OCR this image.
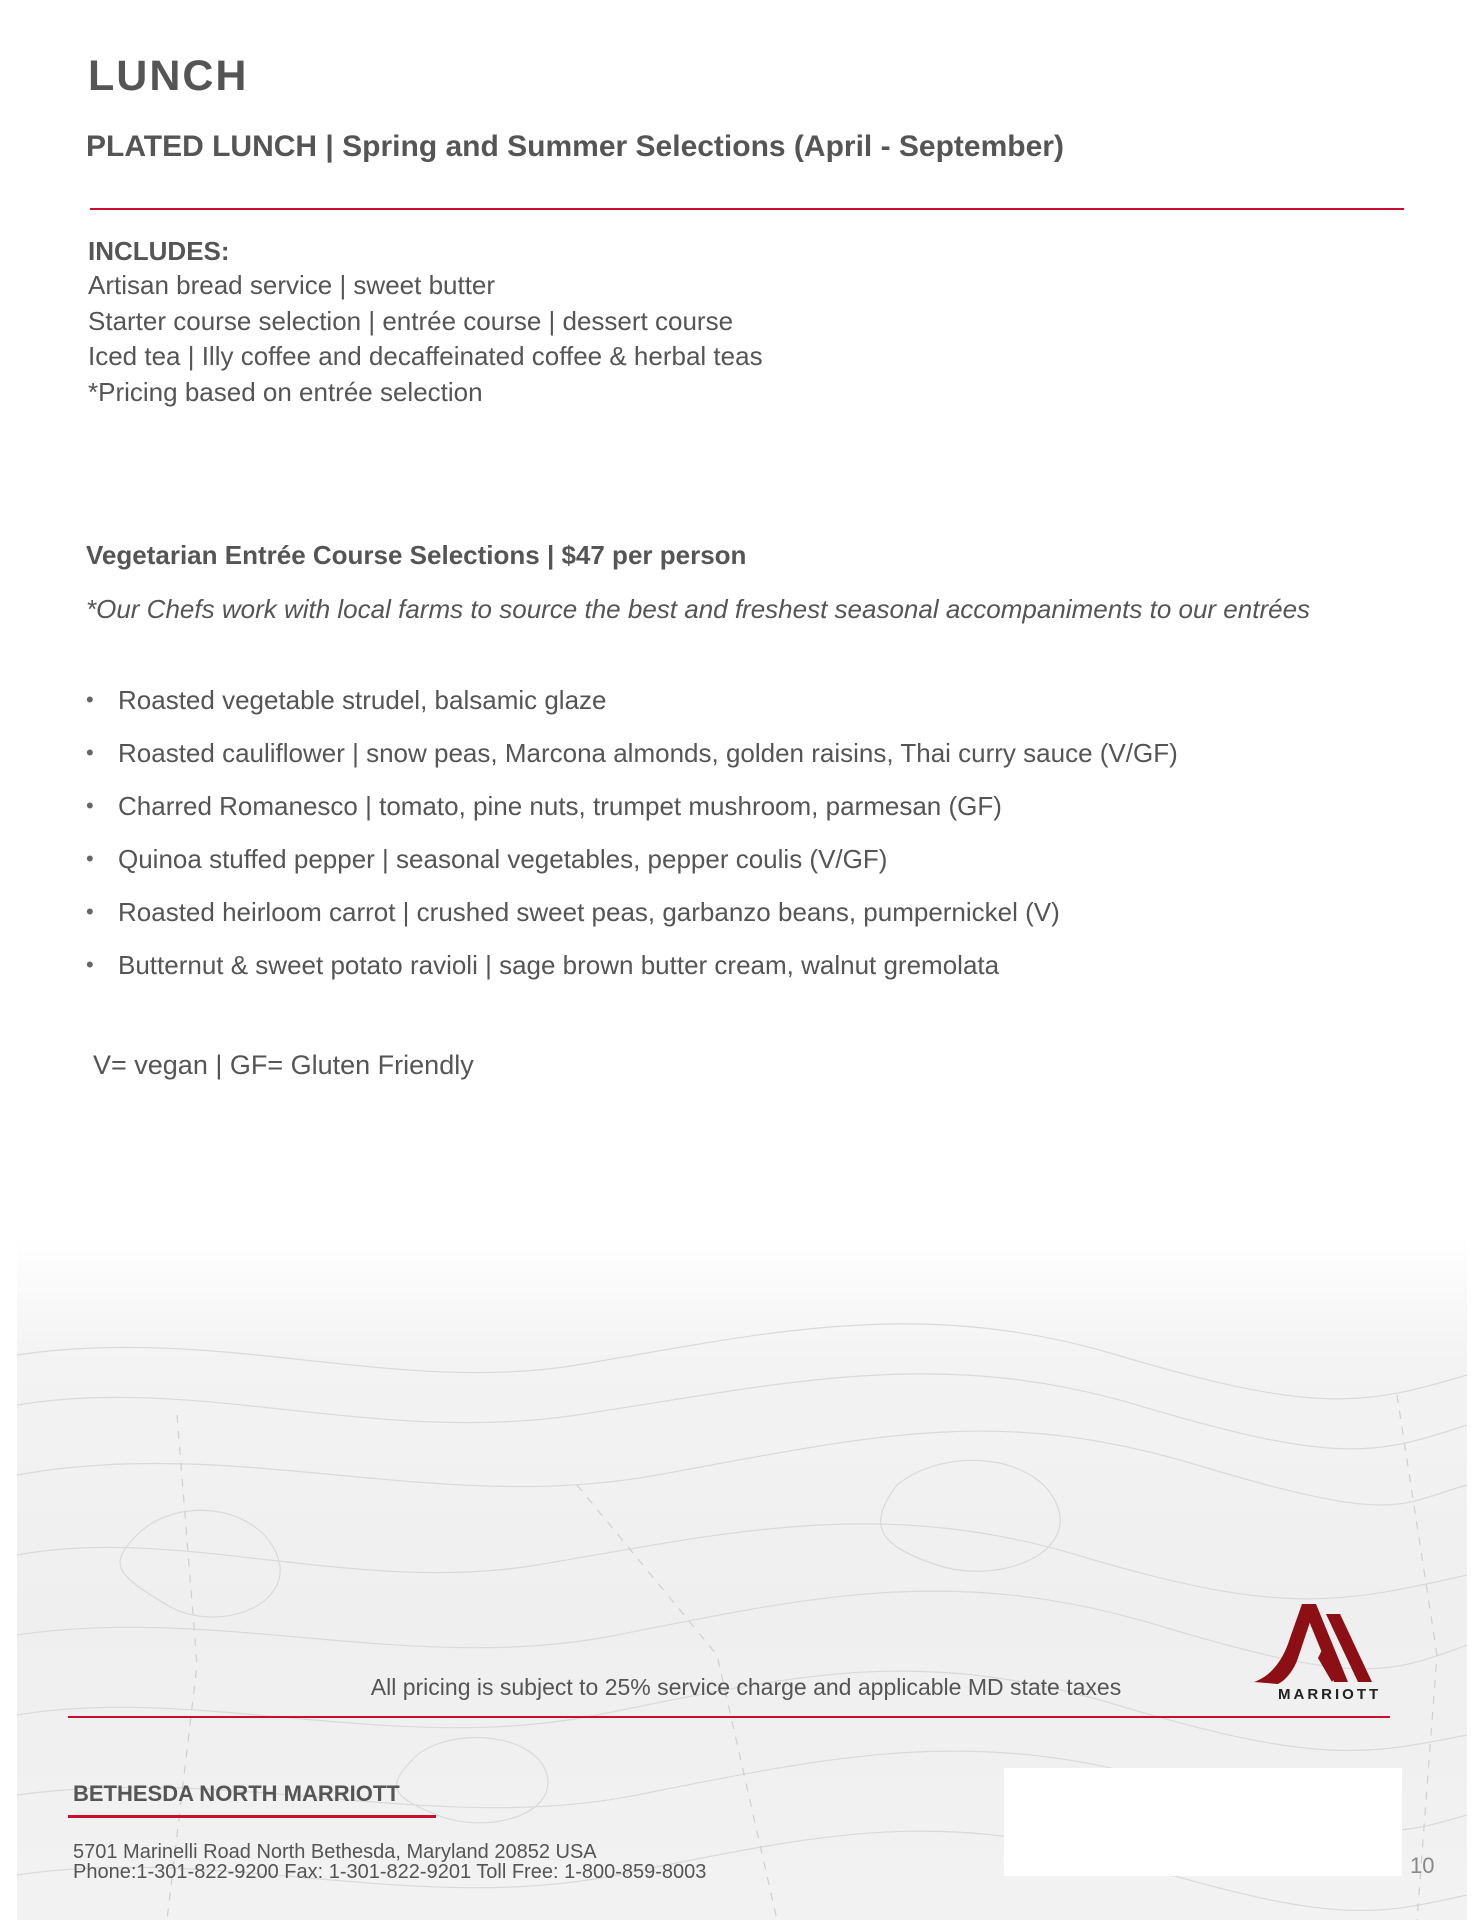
LUNCH
PLATED LUNCH | Spring and Summer Selections (April - September)
INCLUDES:
Artisan bread service | sweet butter
Starter course selection | entrée course | dessert course
Iced tea | Illy coffee and decaffeinated coffee & herbal teas
*Pricing based on entrée selection
Vegetarian Entrée Course Selections | $47 per person
*Our Chefs work with local farms to source the best and freshest seasonal accompaniments to our entrées
• Roasted vegetable strudel, balsamic glaze
• Roasted cauliflower | snow peas, Marcona almonds, golden raisins, Thai curry sauce (V/GF)
• Charred Romanesco | tomato, pine nuts, trumpet mushroom, parmesan (GF)
• Quinoa stuffed pepper | seasonal vegetables, pepper coulis (V/GF)
• Roasted heirloom carrot | crushed sweet peas, garbanzo beans, pumpernickel (V)
• Butternut & sweet potato ravioli | sage brown butter cream, walnut gremolata
V= vegan | GF= Gluten Friendly
All pricing is subject to 25% service charge and applicable MD state taxes	MARRIOTT
BETHESDA NORTH MARRIOTT
5701 Marinelli Road North Bethesda, Maryland 20852 USA
Phone:1-301-822-9200 Fax: 1-301-822-9201 Toll Free: 1-800-859-8003	10
